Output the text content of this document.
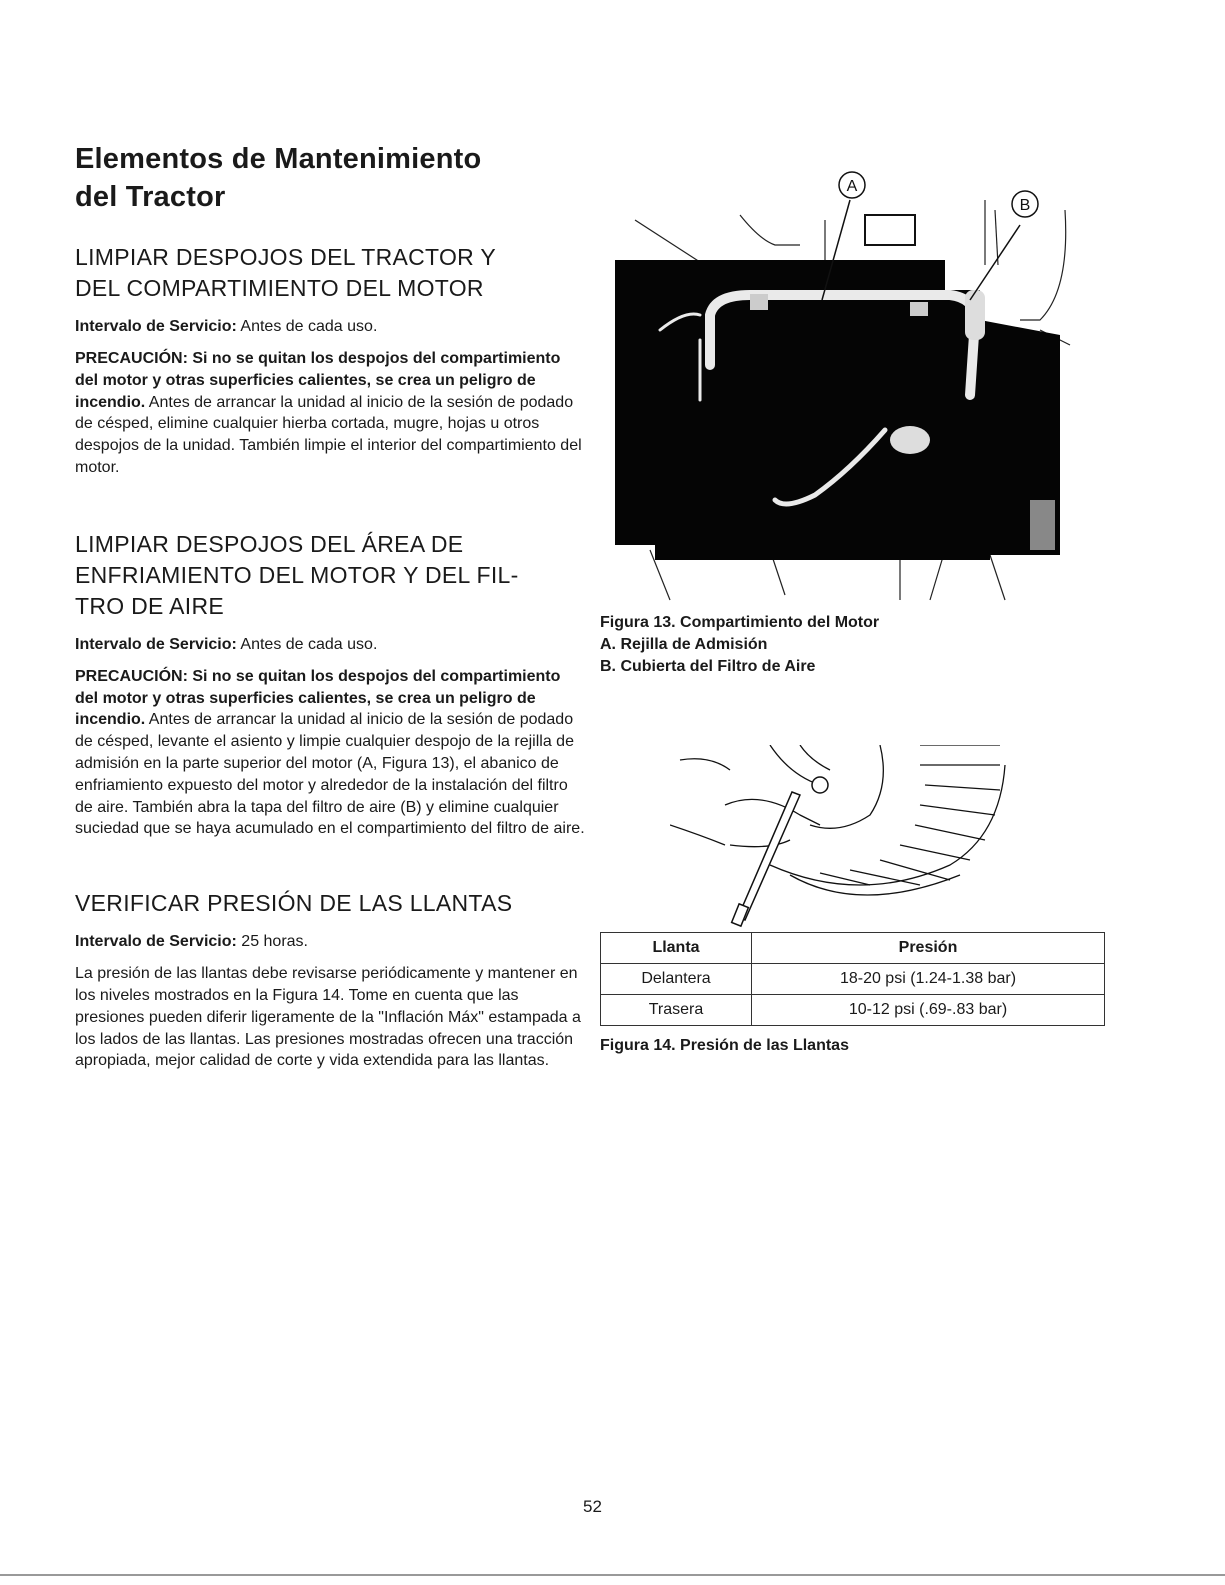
Elementos de Mantenimiento
del Tractor
LIMPIAR DESPOJOS DEL TRACTOR Y
DEL COMPARTIMIENTO DEL MOTOR

Intervalo de Servicio: Antes de cada uso.

PRECAUCIÓN: Si no se quitan los despojos del compartimiento del motor y otras superficies calientes, se crea un peligro de incendio. Antes de arrancar la unidad al inicio de la sesión de podado de césped, elimine cualquier hierba cortada, mugre, hojas u otros despojos de la unidad. También limpie el interior del compartimiento del motor.

LIMPIAR DESPOJOS DEL ÁREA DE
ENFRIAMIENTO DEL MOTOR Y DEL FIL-
TRO DE AIRE

Intervalo de Servicio: Antes de cada uso.

PRECAUCIÓN: Si no se quitan los despojos del compartimiento del motor y otras superficies calientes, se crea un peligro de incendio. Antes de arrancar la unidad al inicio de la sesión de podado de césped, levante el asiento y limpie cualquier despojo de la rejilla de admisión en la parte superior del motor (A, Figura 13), el abanico de enfriamiento expuesto del motor y alrededor de la instalación del filtro de aire. También abra la tapa del filtro de aire (B) y elimine cualquier suciedad que se haya acumulado en el compartimiento del filtro de aire.

VERIFICAR PRESIÓN DE LAS LLANTAS

Intervalo de Servicio: 25 horas.

La presión de las llantas debe revisarse periódicamente y mantener en los niveles mostrados en la Figura 14. Tome en cuenta que las presiones pueden diferir ligeramente de la "Inflación Máx" estampada a los lados de las llantas. Las presiones mostradas ofrecen una tracción apropiada, mejor calidad de corte y vida extendida para las llantas.

A
B
Figura 13. Compartimiento del Motor
A. Rejilla de Admisión
B. Cubierta del Filtro de Aire
Llanta	Presión
Delantera	18-20 psi (1.24-1.38 bar)
Trasera	10-12 psi (.69-.83 bar)
Figura 14. Presión de las Llantas
52
